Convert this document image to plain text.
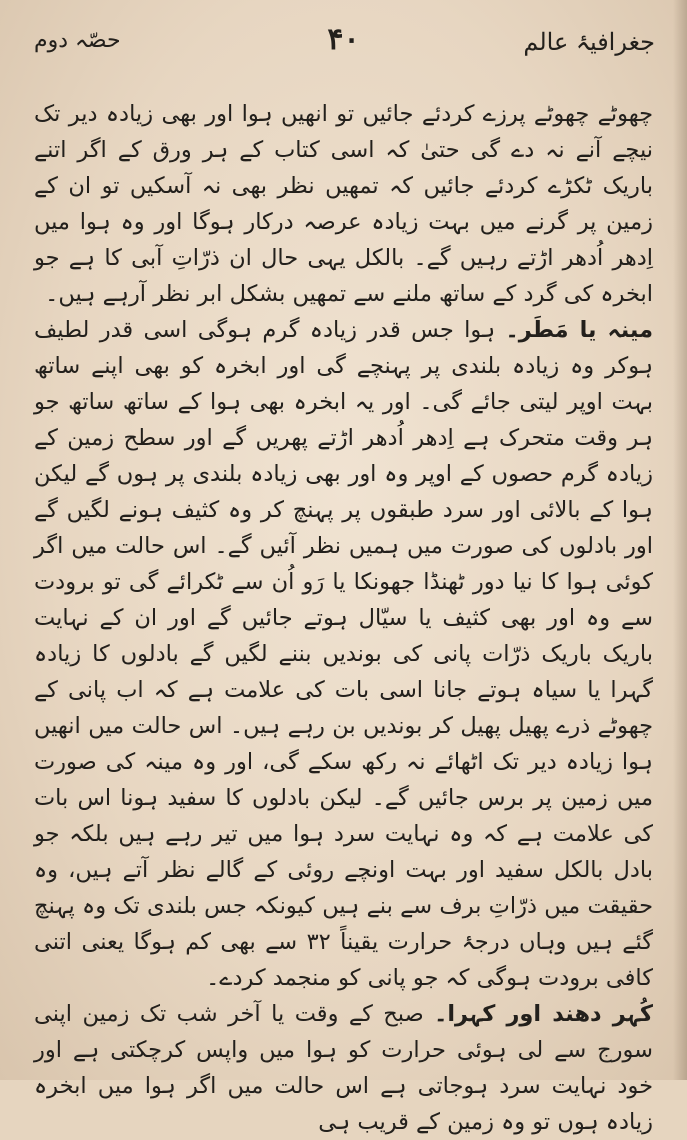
حصّہ دوم	۴۰	جغرافیۂ عالم

چھوٹے چھوٹے پرزے کردئے جائیں تو انھیں ہوا اور بھی زیادہ دیر تک نیچے آنے نہ دے گی حتیٰ کہ اسی کتاب کے ہر ورق کے اگر اتنے باریک ٹکڑے کردئے جائیں کہ تمھیں نظر بھی نہ آسکیں تو ان کے زمین پر گرنے میں بہت زیادہ عرصہ درکار ہوگا اور وہ ہوا میں اِدھر اُدھر اڑتے رہیں گے۔ بالکل یہی حال ان ذرّاتِ آبی کا ہے جو ابخرہ کی گرد کے ساتھ ملنے سے تمھیں بشکل ابر نظر آرہے ہیں۔

مینہ یا مَطَر۔ ہوا جس قدر زیادہ گرم ہوگی اسی قدر لطیف ہوکر وہ زیادہ بلندی پر پہنچے گی اور ابخرہ کو بھی اپنے ساتھ بہت اوپر لیتی جائے گی۔ اور یہ ابخرہ بھی ہوا کے ساتھ ساتھ جو ہر وقت متحرک ہے اِدھر اُدھر اڑتے پھریں گے اور سطح زمین کے زیادہ گرم حصوں کے اوپر وہ اور بھی زیادہ بلندی پر ہوں گے لیکن ہوا کے بالائی اور سرد طبقوں پر پہنچ کر وہ کثیف ہونے لگیں گے اور بادلوں کی صورت میں ہمیں نظر آئیں گے۔ اس حالت میں اگر کوئی ہوا کا نیا دور ٹھنڈا جھونکا یا رَو اُن سے ٹکرائے گی تو برودت سے وہ اور بھی کثیف یا سیّال ہوتے جائیں گے اور ان کے نہایت باریک باریک ذرّات پانی کی بوندیں بننے لگیں گے بادلوں کا زیادہ گہرا یا سیاہ ہوتے جانا اسی بات کی علامت ہے کہ اب پانی کے چھوٹے ذرے پھیل پھیل کر بوندیں بن رہے ہیں۔ اس حالت میں انھیں ہوا زیادہ دیر تک اٹھائے نہ رکھ سکے گی، اور وہ مینہ کی صورت میں زمین پر برس جائیں گے۔ لیکن بادلوں کا سفید ہونا اس بات کی علامت ہے کہ وہ نہایت سرد ہوا میں تیر رہے ہیں بلکہ جو بادل بالکل سفید اور بہت اونچے روئی کے گالے نظر آتے ہیں، وہ حقیقت میں ذرّاتِ برف سے بنے ہیں کیونکہ جس بلندی تک وہ پہنچ گئے ہیں وہاں درجۂ حرارت یقیناً ۳۲ سے بھی کم ہوگا یعنی اتنی کافی برودت ہوگی کہ جو پانی کو منجمد کردے۔

کُہر دھند اور کہرا۔ صبح کے وقت یا آخر شب تک زمین اپنی سورج سے لی ہوئی حرارت کو ہوا میں واپس کرچکتی ہے اور خود نہایت سرد ہوجاتی ہے اس حالت میں اگر ہوا میں ابخرہ زیادہ ہوں تو وہ زمین کے قریب ہی
